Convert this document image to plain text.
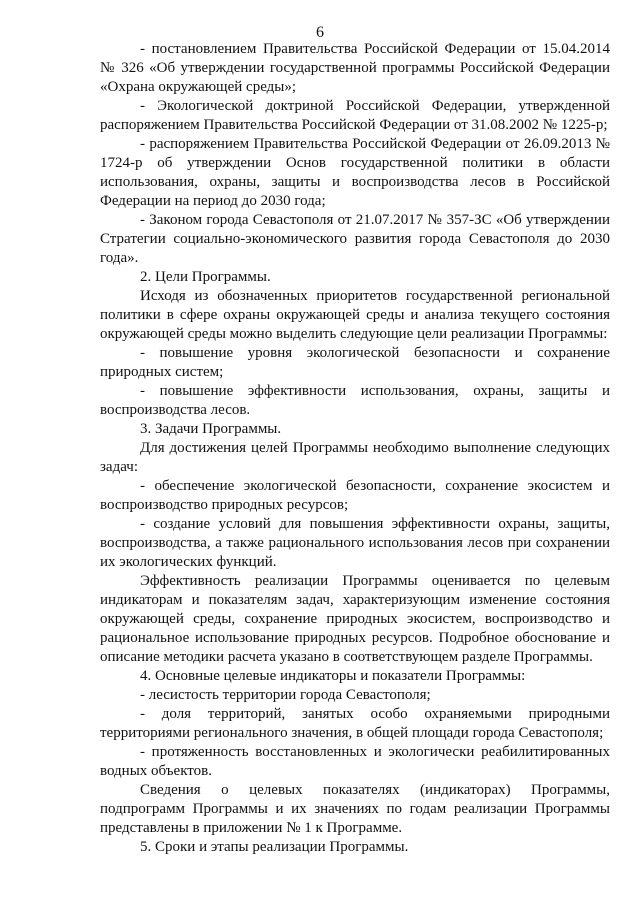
6

- постановлением Правительства Российской Федерации от 15.04.2014 № 326 «Об утверждении государственной программы Российской Федерации «Охрана окружающей среды»;

- Экологической доктриной Российской Федерации, утвержденной распоряжением Правительства Российской Федерации от 31.08.2002 № 1225-р;

- распоряжением Правительства Российской Федерации от 26.09.2013 № 1724-р об утверждении Основ государственной политики в области использования, охраны, защиты и воспроизводства лесов в Российской Федерации на период до 2030 года;

- Законом города Севастополя от 21.07.2017 № 357-ЗС «Об утверждении Стратегии социально-экономического развития города Севастополя до 2030 года».

2. Цели Программы.

Исходя из обозначенных приоритетов государственной региональной политики в сфере охраны окружающей среды и анализа текущего состояния окружающей среды можно выделить следующие цели реализации Программы:

- повышение уровня экологической безопасности и сохранение природных систем;

- повышение эффективности использования, охраны, защиты и воспроизводства лесов.

3. Задачи Программы.

Для достижения целей Программы необходимо выполнение следующих задач:

- обеспечение экологической безопасности, сохранение экосистем и воспроизводство природных ресурсов;

- создание условий для повышения эффективности охраны, защиты, воспроизводства, а также рационального использования лесов при сохранении их экологических функций.

Эффективность реализации Программы оценивается по целевым индикаторам и показателям задач, характеризующим изменение состояния окружающей среды, сохранение природных экосистем, воспроизводство и рациональное использование природных ресурсов. Подробное обоснование и описание методики расчета указано в соответствующем разделе Программы.

4. Основные целевые индикаторы и показатели Программы:

- лесистость территории города Севастополя;

- доля территорий, занятых особо охраняемыми природными территориями регионального значения, в общей площади города Севастополя;

- протяженность восстановленных и экологически реабилитированных водных объектов.

Сведения о целевых показателях (индикаторах) Программы, подпрограмм Программы и их значениях по годам реализации Программы представлены в приложении № 1 к Программе.

5. Сроки и этапы реализации Программы.
